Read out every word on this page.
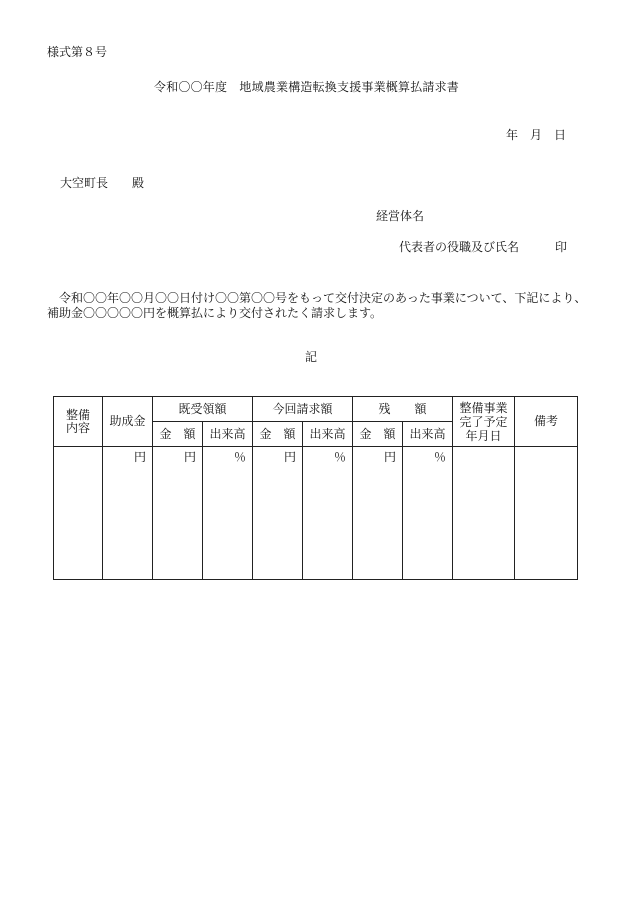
様式第８号
令和〇〇年度　地域農業構造転換支援事業概算払請求書
年　月　日
大空町長　　殿
経営体名
代表者の役職及び氏名　　　印
令和〇〇年〇〇月〇〇日付け〇〇第〇〇号をもって交付決定のあった事業について、下記により、補助金〇〇〇〇〇円を概算払により交付されたく請求します。
記
整備内容	助成金	既受領額		今回請求額		残　　額		整備事業完了予定年月日	備考
		金　額	出来高	金　額	出来高	金　額	出来高		

	円	円	％	円	％	円	％		
